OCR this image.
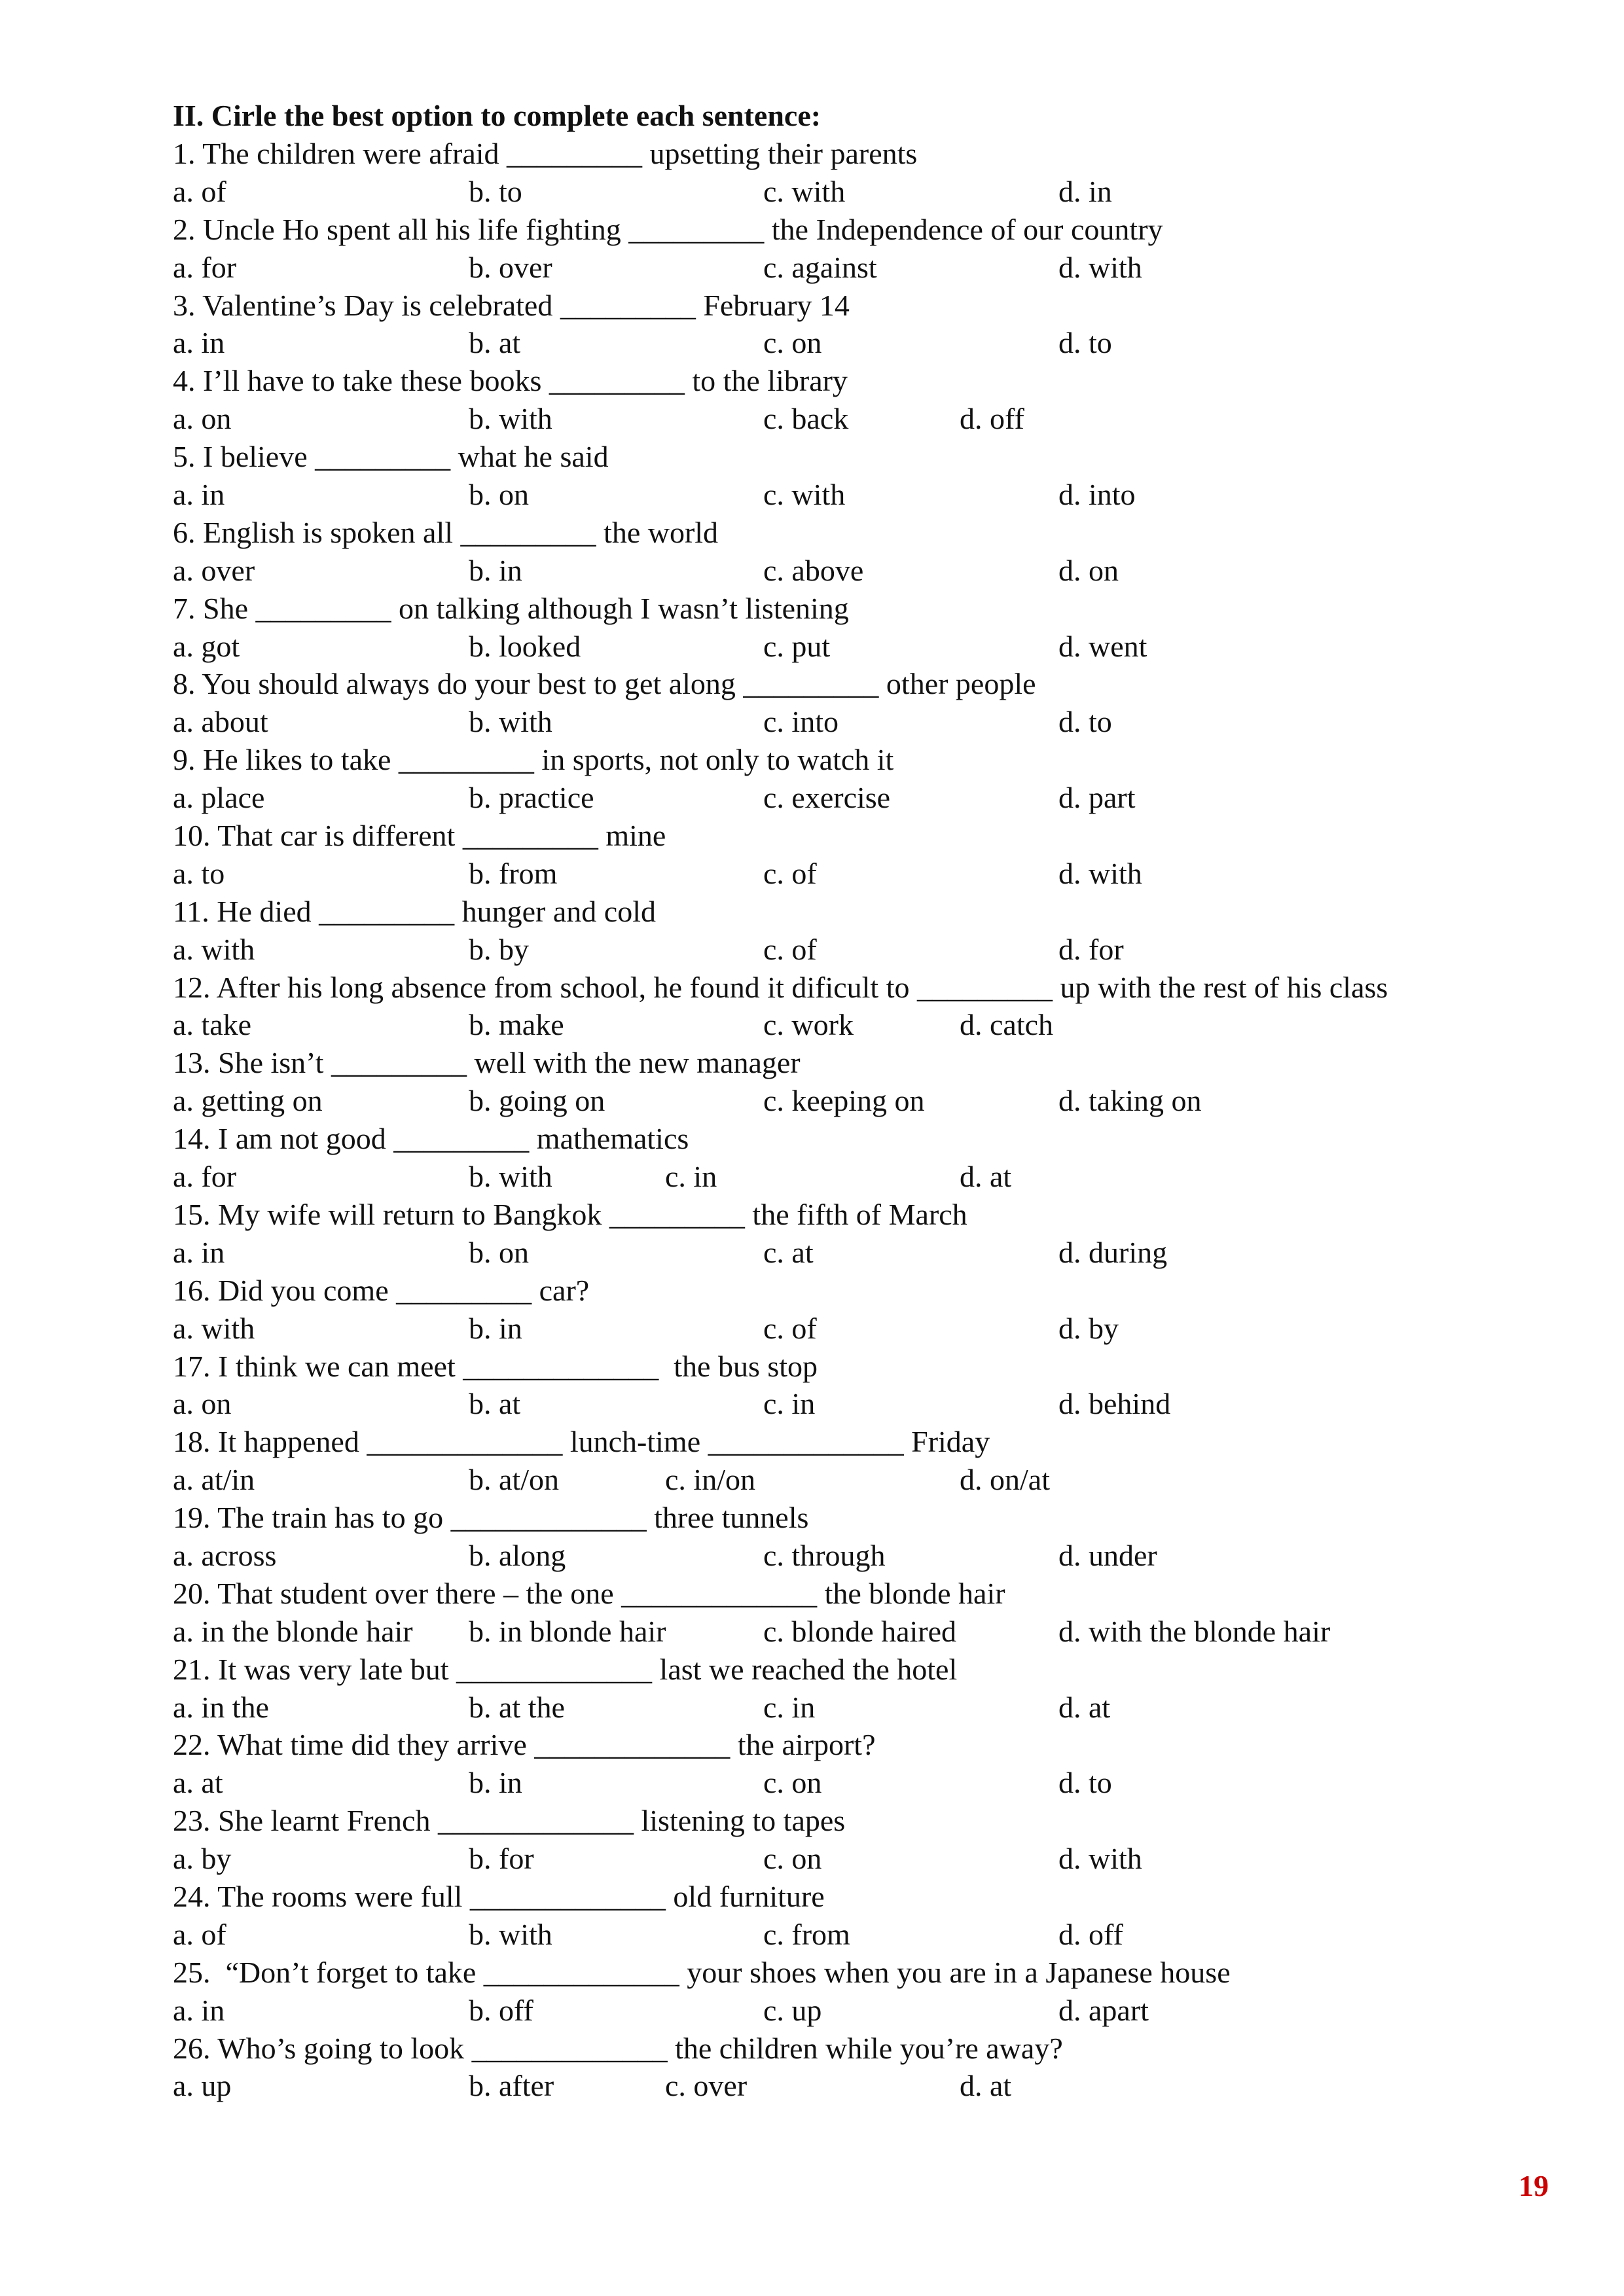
II. Cirle the best option to complete each sentence:
1. The children were afraid _________ upsetting their parents
a. of	b. to	c. with	d. in
2. Uncle Ho spent all his life fighting _________ the Independence of our country
a. for	b. over	c. against	d. with
3. Valentine’s Day is celebrated _________ February 14
a. in	b. at	c. on	d. to
4. I’ll have to take these books _________ to the library
a. on	b. with	c. back	d. off
5. I believe _________ what he said
a. in	b. on	c. with	d. into
6. English is spoken all _________ the world
a. over	b. in	c. above	d. on
7. She _________ on talking although I wasn’t listening
a. got	b. looked	c. put	d. went
8. You should always do your best to get along _________ other people
a. about	b. with	c. into	d. to
9. He likes to take _________ in sports, not only to watch it
a. place	b. practice	c. exercise	d. part
10. That car is different _________ mine
a. to	b. from	c. of	d. with
11. He died _________ hunger and cold
a. with	b. by	c. of	d. for
12. After his long absence from school, he found it dificult to _________ up with the rest of his class
a. take	b. make	c. work	d. catch
13. She isn’t _________ well with the new manager
a. getting on	b. going on	c. keeping on	d. taking on
14. I am not good _________ mathematics
a. for	b. with	c. in	d. at
15. My wife will return to Bangkok _________ the fifth of March
a. in	b. on	c. at	d. during
16. Did you come _________ car?
a. with	b. in	c. of	d. by
17. I think we can meet _____________  the bus stop
a. on	b. at	c. in	d. behind
18. It happened _____________ lunch-time _____________ Friday
a. at/in	b. at/on	c. in/on	d. on/at
19. The train has to go _____________ three tunnels
a. across	b. along	c. through	d. under
20. That student over there – the one _____________ the blonde hair
a. in the blonde hair b. in blonde hair	c. blonde haired	d. with the blonde hair
21. It was very late but _____________ last we reached the hotel
a. in the	b. at the	c. in	d. at
22. What time did they arrive _____________ the airport?
a. at	b. in	c. on	d. to
23. She learnt French _____________ listening to tapes
a. by	b. for	c. on	d. with
24. The rooms were full _____________ old furniture
a. of	b. with	c. from	d. off
25.  “Don’t forget to take _____________ your shoes when you are in a Japanese house
a. in	b. off	c. up	d. apart
26. Who’s going to look _____________ the children while you’re away?
a. up	b. after	c. over	d. at
19
